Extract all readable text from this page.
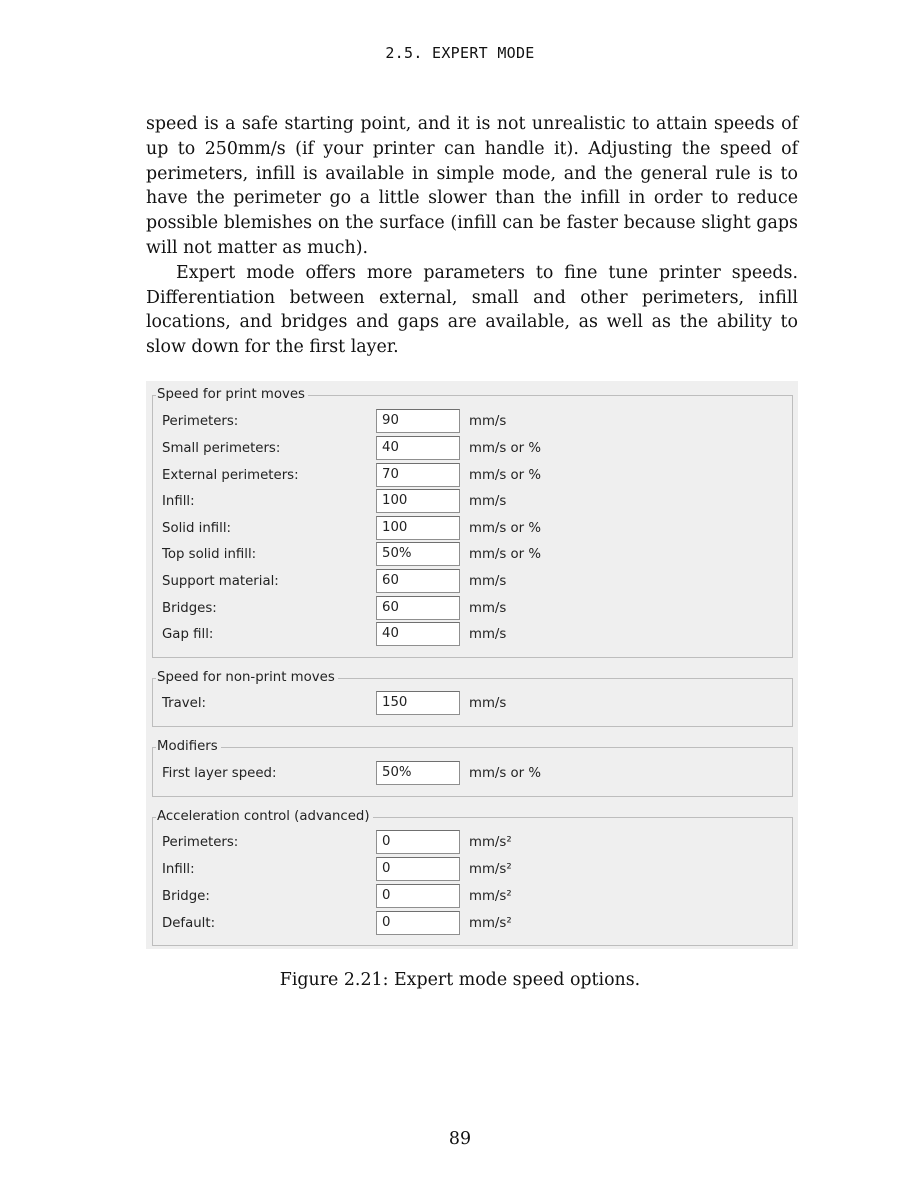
2.5. EXPERT MODE

speed is a safe starting point, and it is not unrealistic to attain speeds of up to 250mm/s (if your printer can handle it). Adjusting the speed of perimeters, infill is available in simple mode, and the general rule is to have the perimeter go a little slower than the infill in order to reduce possible blemishes on the surface (infill can be faster because slight gaps will not matter as much).

Expert mode offers more parameters to fine tune printer speeds. Differentiation between external, small and other perimeters, infill locations, and bridges and gaps are available, as well as the ability to slow down for the first layer.

Speed for print moves
Perimeters:	90	mm/s
Small perimeters:	40	mm/s or %
External perimeters:	70	mm/s or %
Infill:	100	mm/s
Solid infill:	100	mm/s or %
Top solid infill:	50%	mm/s or %
Support material:	60	mm/s
Bridges:	60	mm/s
Gap fill:	40	mm/s
Speed for non-print moves
Travel:	150	mm/s
Modifiers
First layer speed:	50%	mm/s or %
Acceleration control (advanced)
Perimeters:	0	mm/s²
Infill:	0	mm/s²
Bridge:	0	mm/s²
Default:	0	mm/s²
Figure 2.21: Expert mode speed options.
89
